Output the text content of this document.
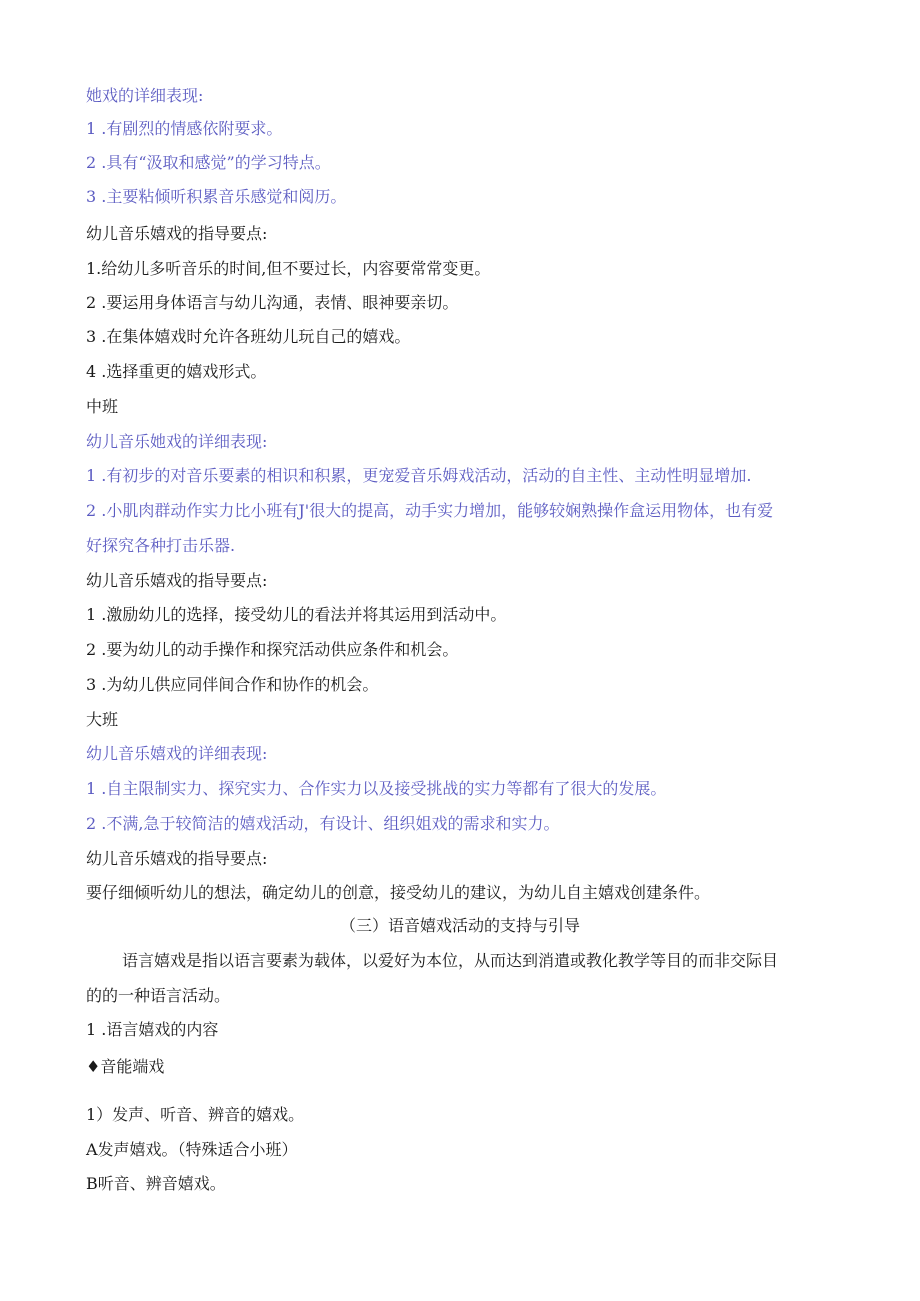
她戏的详细表现:
1 .有剧烈的情感依附要求。
2 .具有“汲取和感觉”的学习特点。
3 .主要粘倾听积累音乐感觉和阅历。
幼儿音乐嬉戏的指导要点:
1.给幼儿多听音乐的时间,但不要过长，内容要常常变更。
2 .要运用身体语言与幼儿沟通，表情、眼神要亲切。
3 .在集体嬉戏时允许各班幼儿玩自己的嬉戏。
4 .选择重更的嬉戏形式。
中班
幼儿音乐她戏的详细表现:
1 .有初步的对音乐要素的相识和积累，更宠爱音乐姆戏活动，活动的自主性、主动性明显增加.
2 .小肌肉群动作实力比小班有J'很大的提高，动手实力增加，能够较娴熟操作盒运用物体，也有爱
好探究各种打击乐器.
幼儿音乐嬉戏的指导要点:
1 .激励幼儿的选择，接受幼儿的看法并将其运用到活动中。
2 .要为幼儿的动手操作和探究活动供应条件和机会。
3 .为幼儿供应同伴间合作和协作的机会。
大班
幼儿音乐嬉戏的详细表现:
1 .自主限制实力、探究实力、合作实力以及接受挑战的实力等都有了很大的发展。
2 .不满,急于较简洁的嬉戏活动，有设计、组织姐戏的需求和实力。
幼儿音乐嬉戏的指导要点:
要仔细倾听幼儿的想法，确定幼儿的创意，接受幼儿的建议，为幼儿自主嬉戏创建条件。
（三）语音嬉戏活动的支持与引导
语言嬉戏是指以语言要素为载体，以爱好为本位，从而达到消遣或教化教学等目的而非交际目
的的一种语言活动。
1 .语言嬉戏的内容
♦音能端戏
1）发声、听音、辨音的嬉戏。
A发声嬉戏。（特殊适合小班）
B听音、辨音嬉戏。
